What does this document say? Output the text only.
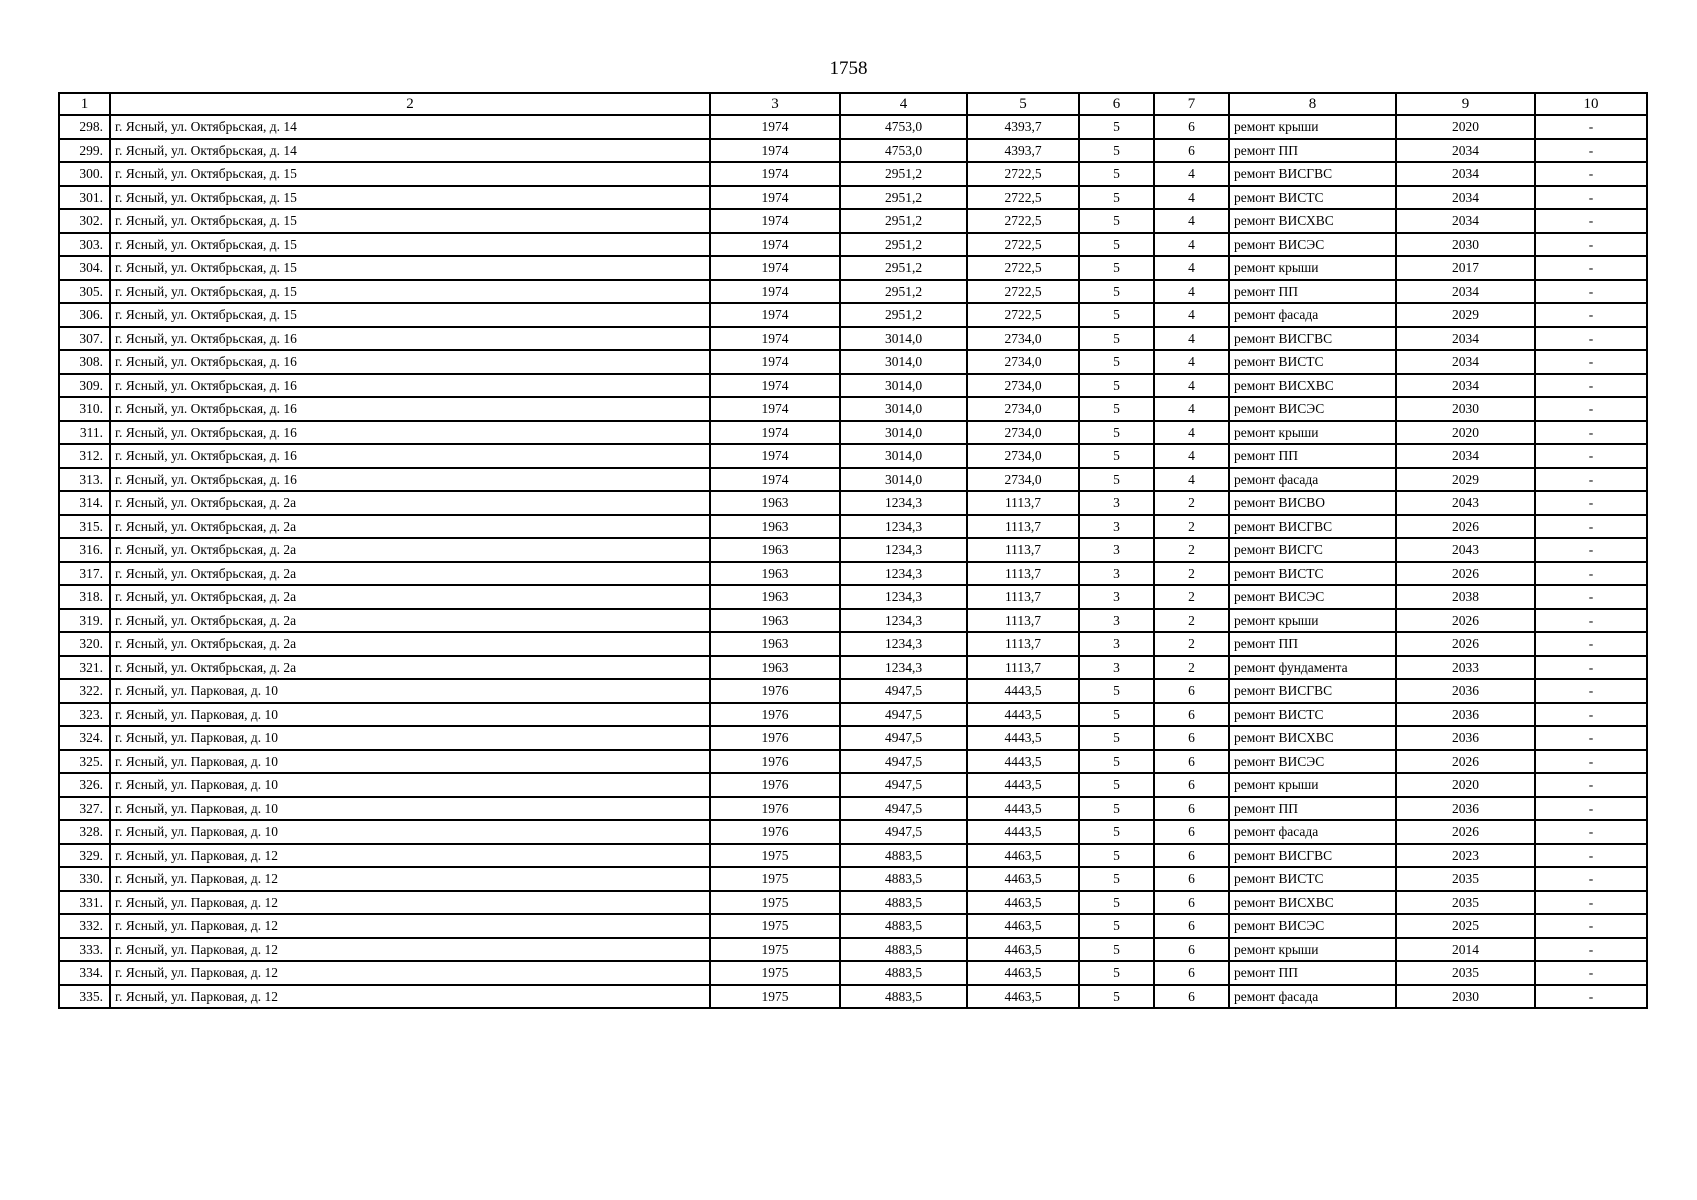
1758
1	2	3	4	5	6	7	8	9	10
298.	г. Ясный, ул. Октябрьская, д. 14	1974	4753,0	4393,7	5	6	ремонт крыши	2020	-
299.	г. Ясный, ул. Октябрьская, д. 14	1974	4753,0	4393,7	5	6	ремонт ПП	2034	-
300.	г. Ясный, ул. Октябрьская, д. 15	1974	2951,2	2722,5	5	4	ремонт ВИСГВС	2034	-
301.	г. Ясный, ул. Октябрьская, д. 15	1974	2951,2	2722,5	5	4	ремонт ВИСТС	2034	-
302.	г. Ясный, ул. Октябрьская, д. 15	1974	2951,2	2722,5	5	4	ремонт ВИСХВС	2034	-
303.	г. Ясный, ул. Октябрьская, д. 15	1974	2951,2	2722,5	5	4	ремонт ВИСЭС	2030	-
304.	г. Ясный, ул. Октябрьская, д. 15	1974	2951,2	2722,5	5	4	ремонт крыши	2017	-
305.	г. Ясный, ул. Октябрьская, д. 15	1974	2951,2	2722,5	5	4	ремонт ПП	2034	-
306.	г. Ясный, ул. Октябрьская, д. 15	1974	2951,2	2722,5	5	4	ремонт фасада	2029	-
307.	г. Ясный, ул. Октябрьская, д. 16	1974	3014,0	2734,0	5	4	ремонт ВИСГВС	2034	-
308.	г. Ясный, ул. Октябрьская, д. 16	1974	3014,0	2734,0	5	4	ремонт ВИСТС	2034	-
309.	г. Ясный, ул. Октябрьская, д. 16	1974	3014,0	2734,0	5	4	ремонт ВИСХВС	2034	-
310.	г. Ясный, ул. Октябрьская, д. 16	1974	3014,0	2734,0	5	4	ремонт ВИСЭС	2030	-
311.	г. Ясный, ул. Октябрьская, д. 16	1974	3014,0	2734,0	5	4	ремонт крыши	2020	-
312.	г. Ясный, ул. Октябрьская, д. 16	1974	3014,0	2734,0	5	4	ремонт ПП	2034	-
313.	г. Ясный, ул. Октябрьская, д. 16	1974	3014,0	2734,0	5	4	ремонт фасада	2029	-
314.	г. Ясный, ул. Октябрьская, д. 2а	1963	1234,3	1113,7	3	2	ремонт ВИСВО	2043	-
315.	г. Ясный, ул. Октябрьская, д. 2а	1963	1234,3	1113,7	3	2	ремонт ВИСГВС	2026	-
316.	г. Ясный, ул. Октябрьская, д. 2а	1963	1234,3	1113,7	3	2	ремонт ВИСГС	2043	-
317.	г. Ясный, ул. Октябрьская, д. 2а	1963	1234,3	1113,7	3	2	ремонт ВИСТС	2026	-
318.	г. Ясный, ул. Октябрьская, д. 2а	1963	1234,3	1113,7	3	2	ремонт ВИСЭС	2038	-
319.	г. Ясный, ул. Октябрьская, д. 2а	1963	1234,3	1113,7	3	2	ремонт крыши	2026	-
320.	г. Ясный, ул. Октябрьская, д. 2а	1963	1234,3	1113,7	3	2	ремонт ПП	2026	-
321.	г. Ясный, ул. Октябрьская, д. 2а	1963	1234,3	1113,7	3	2	ремонт фундамента	2033	-
322.	г. Ясный, ул. Парковая, д. 10	1976	4947,5	4443,5	5	6	ремонт ВИСГВС	2036	-
323.	г. Ясный, ул. Парковая, д. 10	1976	4947,5	4443,5	5	6	ремонт ВИСТС	2036	-
324.	г. Ясный, ул. Парковая, д. 10	1976	4947,5	4443,5	5	6	ремонт ВИСХВС	2036	-
325.	г. Ясный, ул. Парковая, д. 10	1976	4947,5	4443,5	5	6	ремонт ВИСЭС	2026	-
326.	г. Ясный, ул. Парковая, д. 10	1976	4947,5	4443,5	5	6	ремонт крыши	2020	-
327.	г. Ясный, ул. Парковая, д. 10	1976	4947,5	4443,5	5	6	ремонт ПП	2036	-
328.	г. Ясный, ул. Парковая, д. 10	1976	4947,5	4443,5	5	6	ремонт фасада	2026	-
329.	г. Ясный, ул. Парковая, д. 12	1975	4883,5	4463,5	5	6	ремонт ВИСГВС	2023	-
330.	г. Ясный, ул. Парковая, д. 12	1975	4883,5	4463,5	5	6	ремонт ВИСТС	2035	-
331.	г. Ясный, ул. Парковая, д. 12	1975	4883,5	4463,5	5	6	ремонт ВИСХВС	2035	-
332.	г. Ясный, ул. Парковая, д. 12	1975	4883,5	4463,5	5	6	ремонт ВИСЭС	2025	-
333.	г. Ясный, ул. Парковая, д. 12	1975	4883,5	4463,5	5	6	ремонт крыши	2014	-
334.	г. Ясный, ул. Парковая, д. 12	1975	4883,5	4463,5	5	6	ремонт ПП	2035	-
335.	г. Ясный, ул. Парковая, д. 12	1975	4883,5	4463,5	5	6	ремонт фасада	2030	-
